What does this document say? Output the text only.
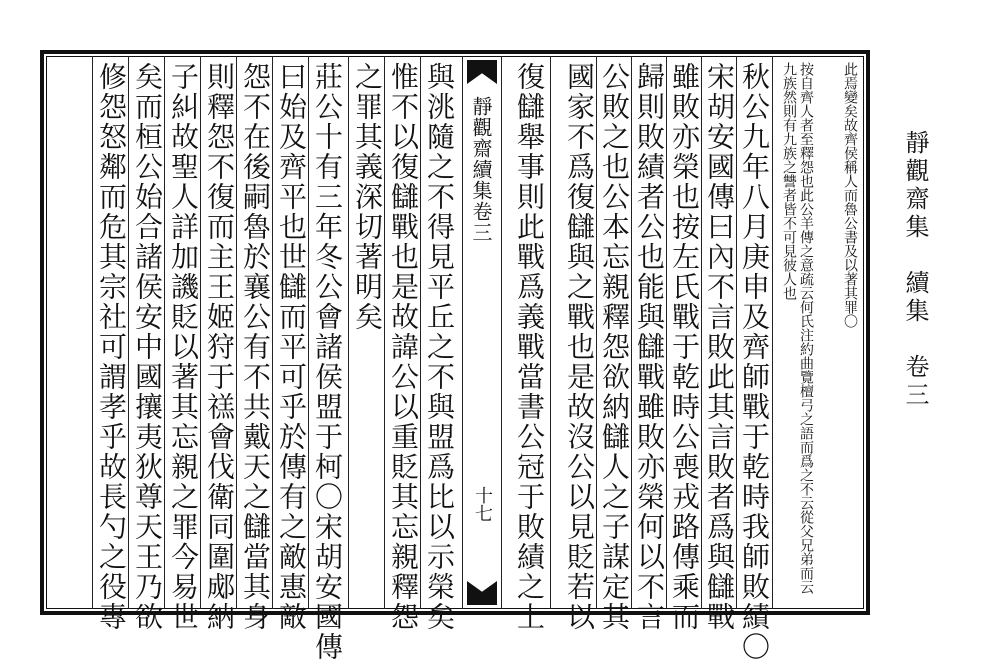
靜觀齋集　續集　卷三
此焉變矣故齊侯稱人而魯公書及以著其罪〇
按自齊人者至釋怨也此公羊傳之意疏云何氏注約曲覽檀弓之語而爲之不云從父兄弟而云九族然則有九族之讐者皆不可見彼人也
秋公九年八月庚申及齊師戰于乾時我師敗績〇
宋胡安國傳曰內不言敗此其言敗者爲與讎戰
雖敗亦榮也按左氏戰于乾時公喪戎路傳乘而
歸則敗績者公也能與讎戰雖敗亦榮何以不言
公敗之也公本忘親釋怨欲納讎人之子謀定其
國家不爲復讎與之戰也是故沒公以見貶若以
復讎舉事則此戰爲義戰當書公冠于敗績之上
靜觀齋續集卷三
十七
與洮隨之不得見平丘之不與盟爲比以示榮矣
惟不以復讎戰也是故諱公以重貶其忘親釋怨
之罪其義深切著明矣
莊公十有三年冬公會諸侯盟于柯〇宋胡安國傳
曰始及齊平也世讎而平可乎於傳有之敵惠敵
怨不在後嗣魯於襄公有不共戴天之讎當其身
則釋怨不復而主王姬狩于禚會伐衛同圍郕納
子糾故聖人詳加譏貶以著其忘親之罪今易世
矣而桓公始合諸侯安中國攘夷狄尊天王乃欲
修怨怒鄰而危其宗社可謂孝乎故長勺之役專
